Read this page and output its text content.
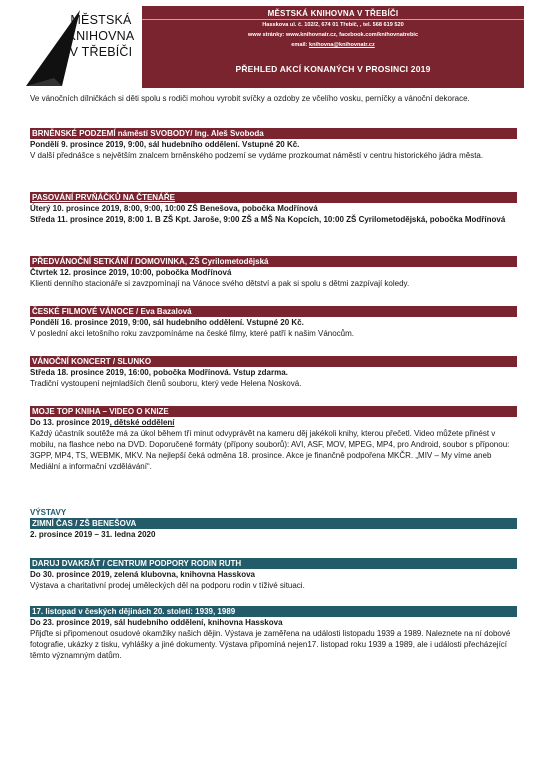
MĚSTSKÁ
KNIHOVNA
V TŘEBÍČI
MĚSTSKÁ KNIHOVNA V TŘEBÍČI
Hasskova ul. č. 102/2, 674 01 Třebíč, , tel. 568 619 520
www stránky: www.knihovnatr.cz, facebook.com/knihovnatrebic
email: knihovna@knihovnatr.cz
PŘEHLED AKCÍ KONANÝCH V PROSINCI 2019
Ve vánočních dílničkách si děti spolu s rodiči mohou vyrobit svíčky a ozdoby ze včelího vosku, perníčky a vánoční dekorace.
BRNĚNSKÉ PODZEMÍ náměstí SVOBODY/ Ing. Aleš Svoboda
Pondělí 9. prosince 2019, 9:00, sál hudebního oddělení. Vstupné 20 Kč.
V další přednášce s největším znalcem brněnského podzemí se vydáme prozkoumat náměstí v centru historického jádra města.
PASOVÁNÍ PRVŇÁČKŮ NA ČTENÁŘE
Úterý 10. prosince 2019, 8:00, 9:00, 10:00 ZŠ Benešova, pobočka Modřínová
Středa 11. prosince 2019, 8:00 1. B ZŠ Kpt. Jaroše, 9:00 ZŠ a MŠ Na Kopcích, 10:00 ZŠ Cyrilometodějská, pobočka Modřínová
PŘEDVÁNOČNÍ SETKÁNÍ / DOMOVINKA, ZŠ Cyrilometodějská
Čtvrtek 12. prosince 2019, 10:00, pobočka Modřínová
Klienti denního stacionáře si zavzpomínají na Vánoce svého dětství a pak si spolu s dětmi zazpívají koledy.
ČESKÉ FILMOVÉ VÁNOCE / Eva Bazalová
Pondělí 16. prosince 2019, 9:00, sál hudebního oddělení. Vstupné 20 Kč.
V poslední akci letošního roku zavzpomínáme na české filmy, které patří k našim Vánocům.
VÁNOČNÍ KONCERT / SLUNKO
Středa 18. prosince 2019, 16:00, pobočka Modřínová. Vstup zdarma.
Tradiční vystoupení nejmladších členů souboru, který vede Helena Nosková.
MOJE TOP KNIHA – VIDEO O KNIZE
Do 13. prosince 2019, dětské oddělení
Každý účastník soutěže má za úkol během tří minut odvyprávět na kameru děj jakékoli knihy, kterou přečetl. Video můžete přinést v mobilu, na flashce nebo na DVD. Doporučené formáty (přípony souborů): AVI, ASF, MOV, MPEG, MP4, pro Android, soubor s příponou: 3GPP, MP4, TS, WEBMK, MKV. Na nejlepší čeká odměna 18. prosince. Akce je finančně podpořena MKČR. „MIV – My víme aneb Mediální a informační vzdělávání“.
VÝSTAVY
ZIMNÍ ČAS / ZŠ BENEŠOVA
2. prosince 2019 – 31. ledna 2020
DARUJ DVAKRÁT / CENTRUM PODPORY RODIN RUTH
Do 30. prosince 2019, zelená klubovna, knihovna Hasskova
Výstava a charitativní prodej uměleckých děl na podporu rodin v tíživé situaci.
17. listopad v českých dějinách 20. století: 1939, 1989
Do 23. prosince 2019, sál hudebního oddělení, knihovna Hasskova
Přijďte si připomenout osudové okamžiky našich dějin. Výstava je zaměřena na události listopadu 1939 a 1989. Naleznete na ní dobové fotografie, ukázky z tisku, vyhlášky a jiné dokumenty. Výstava připomíná nejen17. listopad roku 1939 a 1989, ale i události přecházející těmto významným datům.
